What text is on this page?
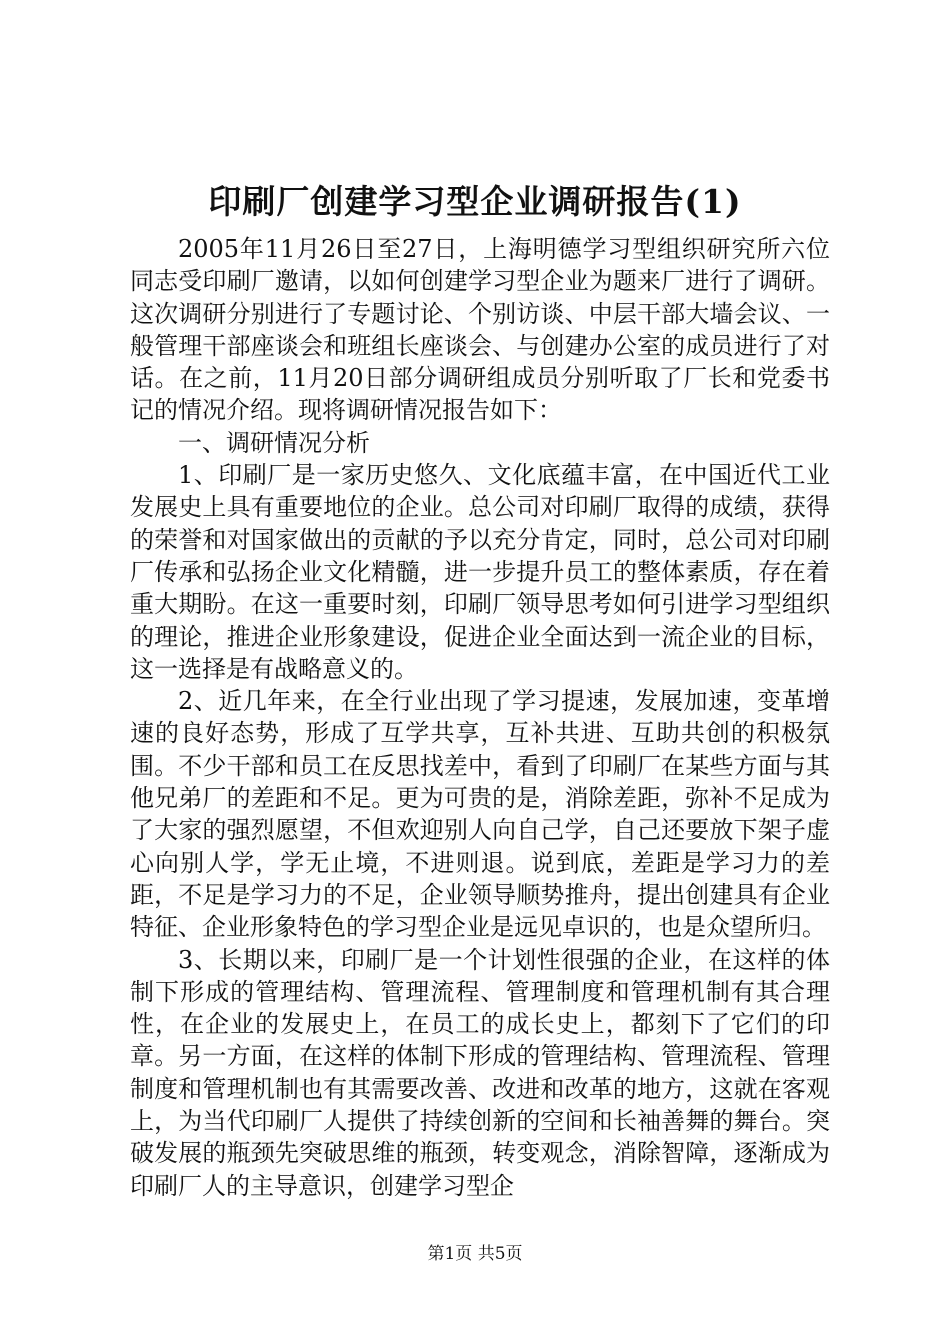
印刷厂创建学习型企业调研报告(1)

2005年11月26日至27日，上海明德学习型组织研究所六位同志受印刷厂邀请，以如何创建学习型企业为题来厂进行了调研。这次调研分别进行了专题讨论、个别访谈、中层干部大墙会议、一般管理干部座谈会和班组长座谈会、与创建办公室的成员进行了对话。在之前，11月20日部分调研组成员分别听取了厂长和党委书记的情况介绍。现将调研情况报告如下：

一、调研情况分析

1、印刷厂是一家历史悠久、文化底蕴丰富，在中国近代工业发展史上具有重要地位的企业。总公司对印刷厂取得的成绩，获得的荣誉和对国家做出的贡献的予以充分肯定，同时，总公司对印刷厂传承和弘扬企业文化精髓，进一步提升员工的整体素质，存在着重大期盼。在这一重要时刻，印刷厂领导思考如何引进学习型组织的理论，推进企业形象建设，促进企业全面达到一流企业的目标，这一选择是有战略意义的。

2、近几年来，在全行业出现了学习提速，发展加速，变革增速的良好态势，形成了互学共享，互补共进、互助共创的积极氛围。不少干部和员工在反思找差中，看到了印刷厂在某些方面与其他兄弟厂的差距和不足。更为可贵的是，消除差距，弥补不足成为了大家的强烈愿望，不但欢迎别人向自己学，自己还要放下架子虚心向别人学，学无止境，不进则退。说到底，差距是学习力的差距，不足是学习力的不足，企业领导顺势推舟，提出创建具有企业特征、企业形象特色的学习型企业是远见卓识的，也是众望所归。

3、长期以来，印刷厂是一个计划性很强的企业，在这样的体制下形成的管理结构、管理流程、管理制度和管理机制有其合理性，在企业的发展史上，在员工的成长史上，都刻下了它们的印章。另一方面，在这样的体制下形成的管理结构、管理流程、管理制度和管理机制也有其需要改善、改进和改革的地方，这就在客观上，为当代印刷厂人提供了持续创新的空间和长袖善舞的舞台。突破发展的瓶颈先突破思维的瓶颈，转变观念，消除智障，逐渐成为印刷厂人的主导意识，创建学习型企

第1页 共5页
